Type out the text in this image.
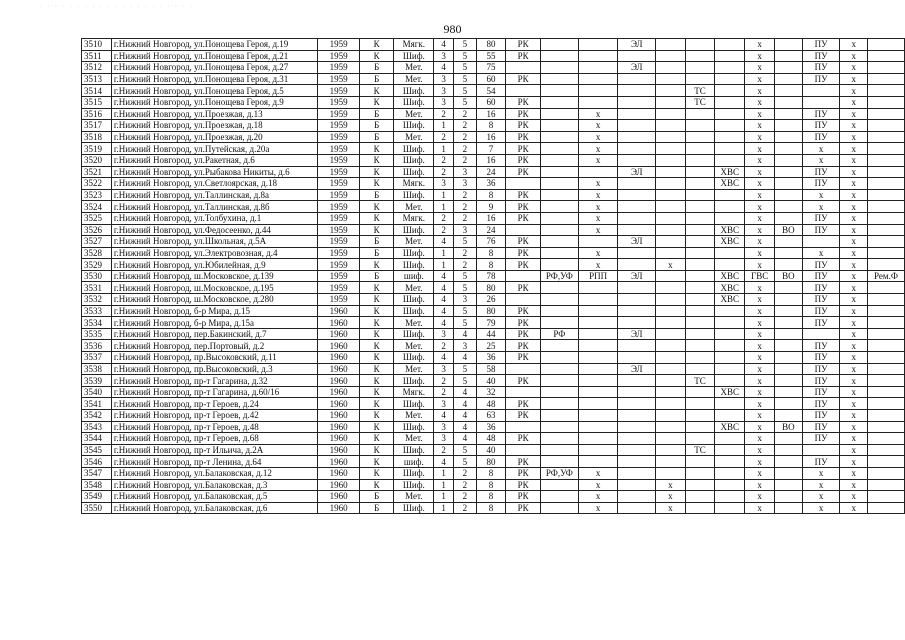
· · · · · · · · · · · · · · · · · · · · ·
980
3510	г.Нижний Новгород, ул.Понощева Героя, д.19	1959	К	Мягк.	4	5	80	РК			ЭЛ				х		ПУ	х	
3511	г.Нижний Новгород, ул.Понощева Героя, д.21	1959	К	Шиф.	3	5	55	РК							х		ПУ	х	
3512	г.Нижний Новгород, ул.Понощева Героя, д.27	1959	Б	Мет.	4	5	75				ЭЛ				х		ПУ	х	
3513	г.Нижний Новгород, ул.Понощева Героя, д.31	1959	Б	Мет.	3	5	60	РК							х		ПУ	х	
3514	г.Нижний Новгород, ул.Понощева Героя, д.5	1959	К	Шиф.	3	5	54						ТС		х			х	
3515	г.Нижний Новгород, ул.Понощева Героя, д.9	1959	К	Шиф.	3	5	60	РК					ТС		х			х	
3516	г.Нижний Новгород, ул.Проезжая, д.13	1959	Б	Мет.	2	2	16	РК		х					х		ПУ	х	
3517	г.Нижний Новгород, ул.Проезжая, д.18	1959	Б	Шиф.	1	2	8	РК		х					х		ПУ	х	
3518	г.Нижний Новгород, ул.Проезжая, д.20	1959	Б	Мет.	2	2	16	РК		х					х		ПУ	х	
3519	г.Нижний Новгород, ул.Путейская, д.20а	1959	К	Шиф.	1	2	7	РК		х					х		х	х	
3520	г.Нижний Новгород, ул.Ракетная, д.6	1959	К	Шиф.	2	2	16	РК		х					х		х	х	
3521	г.Нижний Новгород, ул.Рыбакова Никиты, д.6	1959	К	Шиф.	2	3	24	РК			ЭЛ			ХВС	х		ПУ	х	
3522	г.Нижний Новгород, ул.Светлоярская, д.18	1959	К	Мягк.	3	3	36			х				ХВС	х		ПУ	х	
3523	г.Нижний Новгород, ул.Таллинская, д.8а	1959	Б	Шиф.	1	2	8	РК		х					х		х	х	
3524	г.Нижний Новгород, ул.Таллинская, д.8б	1959	К	Мет.	1	2	9	РК		х					х		х	х	
3525	г.Нижний Новгород, ул.Толбухина, д.1	1959	К	Мягк.	2	2	16	РК		х					х		ПУ	х	
3526	г.Нижний Новгород, ул.Федосеенко, д.44	1959	К	Шиф.	2	3	24			х				ХВС	х	ВО	ПУ	х	
3527	г.Нижний Новгород, ул.Школьная, д.5А	1959	Б	Мет.	4	5	76	РК			ЭЛ			ХВС	х			х	
3528	г.Нижний Новгород, ул.Электровозная, д.4	1959	Б	Шиф.	1	2	8	РК		х					х		х	х	
3529	г.Нижний Новгород, ул.Юбилейная, д.9	1959	К	Шиф.	1	2	8	РК		х		х			х		ПУ	х	
3530	г.Нижний Новгород, ш.Московское, д.139	1959	Б	шиф.	4	5	78		РФ,УФ	РПП	ЭЛ			ХВС	ГВС	ВО	ПУ	х	Рем.Ф
3531	г.Нижний Новгород, ш.Московское, д.195	1959	К	Мет.	4	5	80	РК						ХВС	х		ПУ	х	
3532	г.Нижний Новгород, ш.Московское, д.280	1959	К	Шиф.	4	3	26							ХВС	х		ПУ	х	
3533	г.Нижний Новгород, б-р Мира, д.15	1960	К	Шиф.	4	5	80	РК							х		ПУ	х	
3534	г.Нижний Новгород, б-р Мира, д.15а	1960	К	Мет.	4	5	79	РК							х		ПУ	х	
3535	г.Нижний Новгород, пер.Бакинский, д.7	1960	К	Шиф.	3	4	44	РК	РФ		ЭЛ				х			х	
3536	г.Нижний Новгород, пер.Портовый, д.2	1960	К	Мет.	2	3	25	РК							х		ПУ	х	
3537	г.Нижний Новгород, пр.Высоковский, д.11	1960	К	Шиф.	4	4	36	РК							х		ПУ	х	
3538	г.Нижний Новгород, пр.Высоковский, д.3	1960	К	Мет.	3	5	58				ЭЛ				х		ПУ	х	
3539	г.Нижний Новгород, пр-т Гагарина, д.32	1960	К	Шиф.	2	5	40	РК					ТС		х		ПУ	х	
3540	г.Нижний Новгород, пр-т Гагарина, д.60/16	1960	К	Мягк.	2	4	32							ХВС	х		ПУ	х	
3541	г.Нижний Новгород, пр-т Героев, д.24	1960	К	Шиф.	3	4	48	РК							х		ПУ	х	
3542	г.Нижний Новгород, пр-т Героев, д.42	1960	К	Мет.	4	4	63	РК							х		ПУ	х	
3543	г.Нижний Новгород, пр-т Героев, д.48	1960	К	Шиф.	3	4	36							ХВС	х	ВО	ПУ	х	
3544	г.Нижний Новгород, пр-т Героев, д.68	1960	К	Мет.	3	4	48	РК							х		ПУ	х	
3545	г.Нижний Новгород, пр-т Ильича, д.2А	1960	К	Шиф.	2	5	40						ТС		х			х	
3546	г.Нижний Новгород, пр-т Ленина, д.64	1960	К	шиф.	4	5	80	РК							х		ПУ	х	
3547	г.Нижний Новгород, ул.Балаковская, д.12	1960	К	Шиф.	1	2	8	РК	РФ,УФ	х					х		х	х	
3548	г.Нижний Новгород, ул.Балаковская, д.3	1960	К	Шиф.	1	2	8	РК		х		х			х		х	х	
3549	г.Нижний Новгород, ул.Балаковская, д.5	1960	Б	Мет.	1	2	8	РК		х		х			х		х	х	
3550	г.Нижний Новгород, ул.Балаковская, д.6	1960	Б	Шиф.	1	2	8	РК		х		х			х		х	х	
